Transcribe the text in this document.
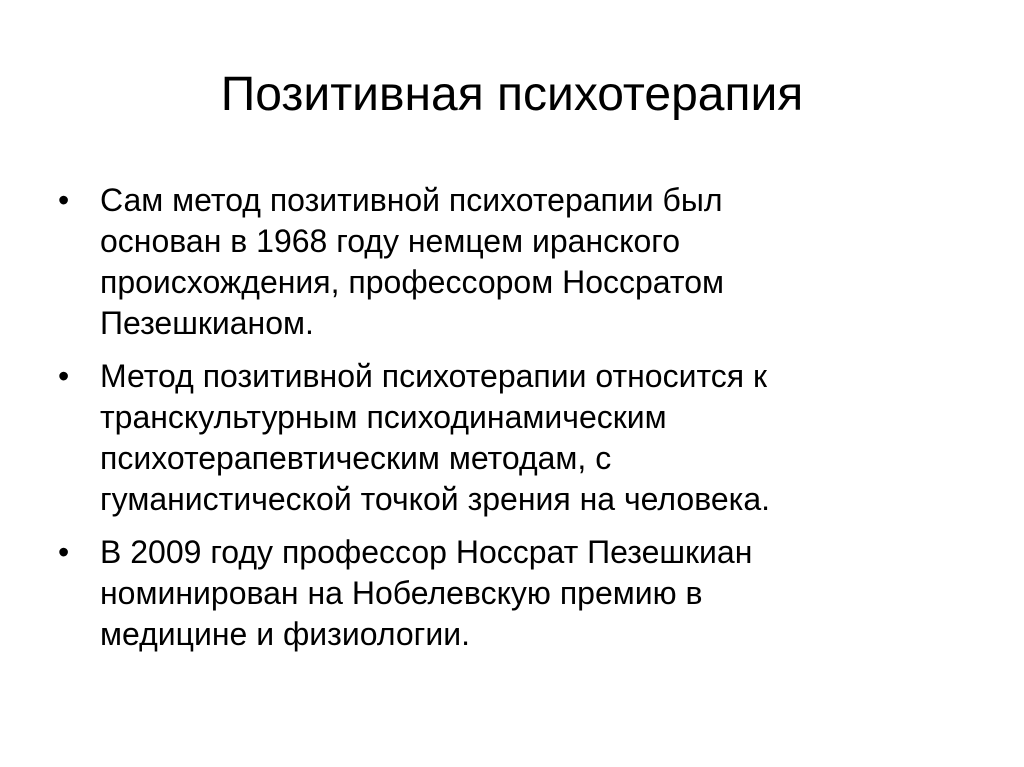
Позитивная психотерапия
• Сам метод позитивной психотерапии был
основан в 1968 году немцем иранского
происхождения, профессором Носсратом
Пезешкианом.
• Метод позитивной психотерапии относится к
транскультурным психодинамическим
психотерапевтическим методам, с
гуманистической точкой зрения на человека.
• В 2009 году профессор Носсрат Пезешкиан
номинирован на Нобелевскую премию в
медицине и физиологии.
